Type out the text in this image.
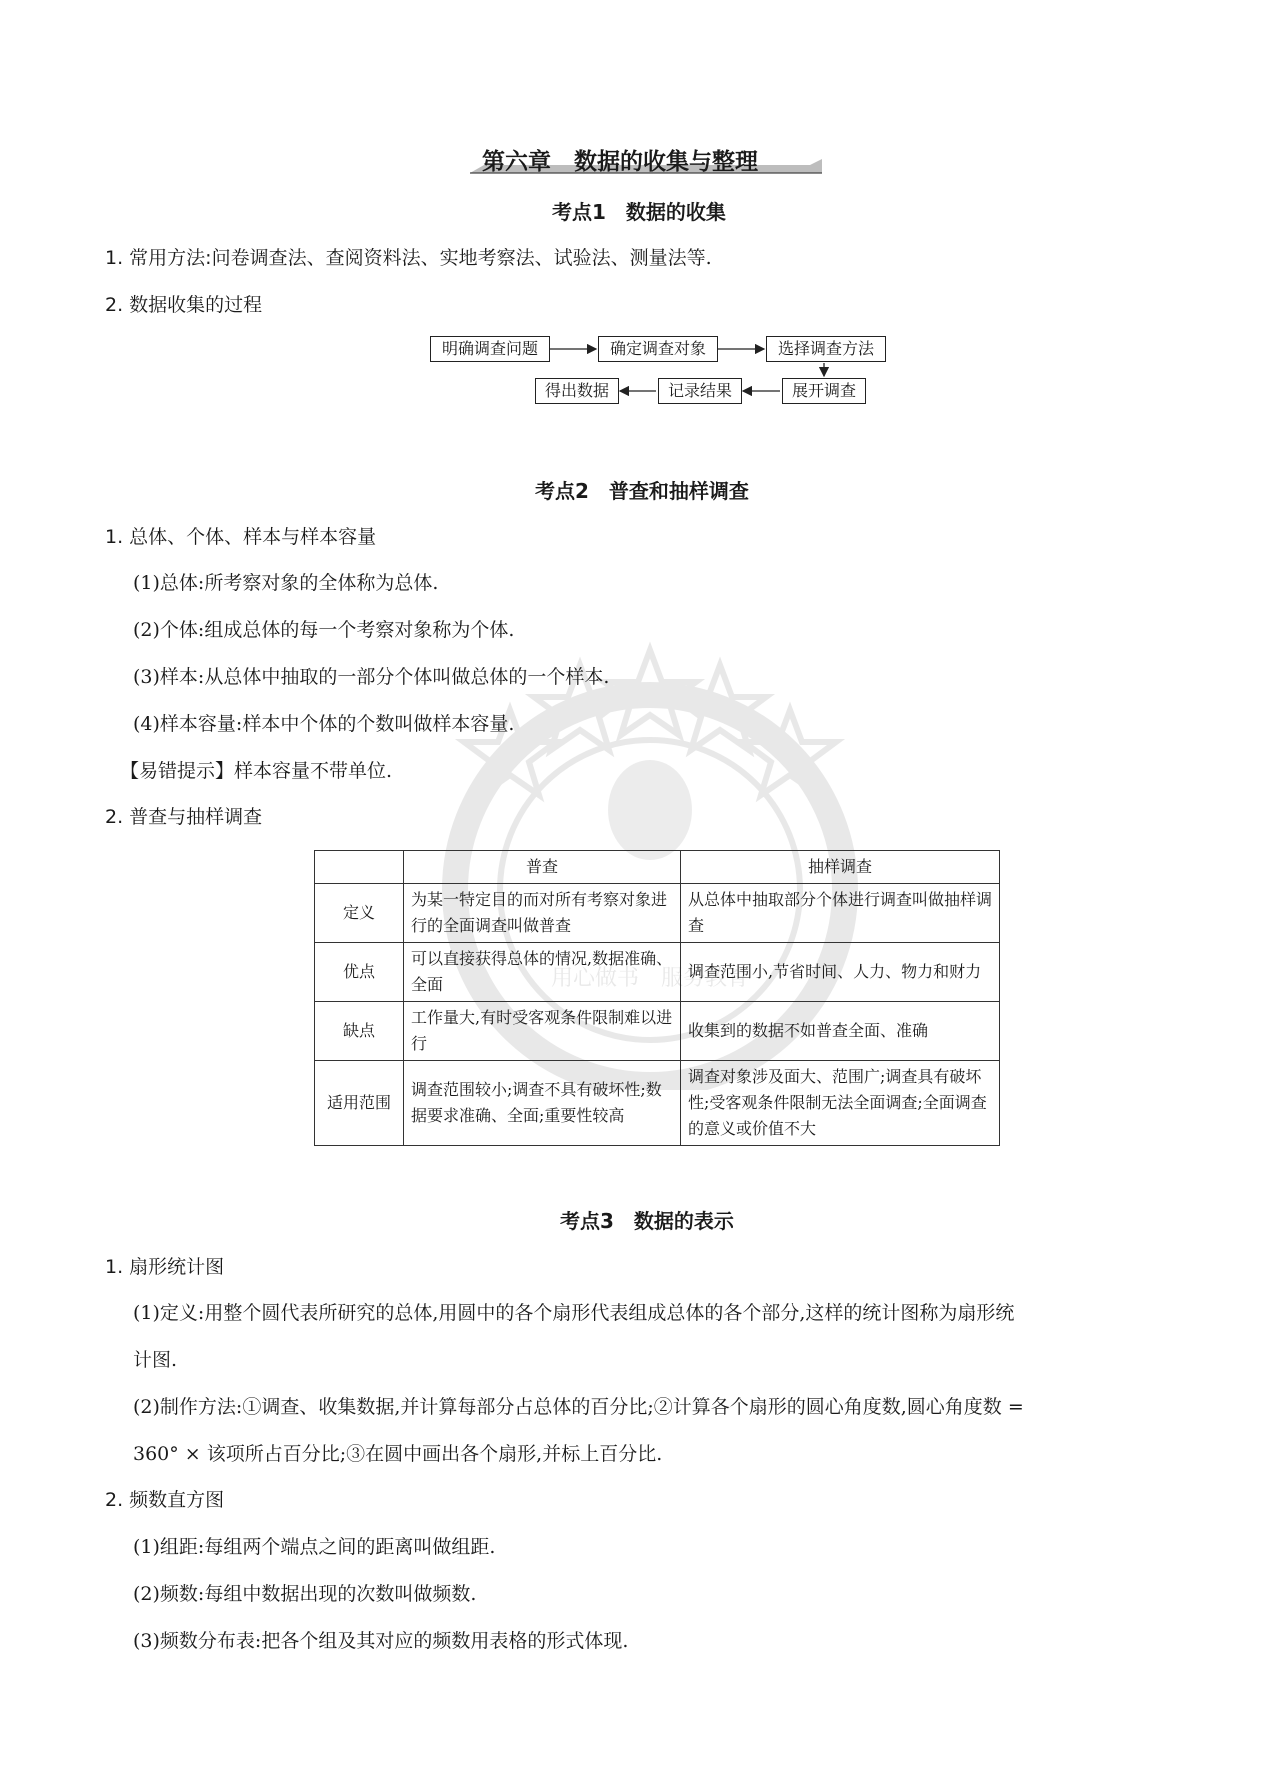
用心做书　服务教育
第六章　数据的收集与整理
考点1　数据的收集
1. 常用方法:问卷调查法、查阅资料法、实地考察法、试验法、测量法等.
2. 数据收集的过程
明确调查问题	确定调查对象	选择调查方法
展开调查
记录结果
得出数据
考点2　普查和抽样调查
1. 总体、个体、样本与样本容量
(1)总体:所考察对象的全体称为总体.
(2)个体:组成总体的每一个考察对象称为个体.
(3)样本:从总体中抽取的一部分个体叫做总体的一个样本.
(4)样本容量:样本中个体的个数叫做样本容量.
【易错提示】样本容量不带单位.
2. 普查与抽样调查
	普查	抽样调查
定义	为某一特定目的而对所有考察对象进行的全面调查叫做普查	从总体中抽取部分个体进行调查叫做抽样调查
优点	可以直接获得总体的情况,数据准确、全面	调查范围小,节省时间、人力、物力和财力
缺点	工作量大,有时受客观条件限制难以进行	收集到的数据不如普查全面、准确
适用范围	调查范围较小;调查不具有破坏性;数据要求准确、全面;重要性较高	调查对象涉及面大、范围广;调查具有破坏性;受客观条件限制无法全面调查;全面调查的意义或价值不大
考点3　数据的表示
1. 扇形统计图
(1)定义:用整个圆代表所研究的总体,用圆中的各个扇形代表组成总体的各个部分,这样的统计图称为扇形统
计图.
(2)制作方法:①调查、收集数据,并计算每部分占总体的百分比;②计算各个扇形的圆心角度数,圆心角度数 =
360° × 该项所占百分比;③在圆中画出各个扇形,并标上百分比.
2. 频数直方图
(1)组距:每组两个端点之间的距离叫做组距.
(2)频数:每组中数据出现的次数叫做频数.
(3)频数分布表:把各个组及其对应的频数用表格的形式体现.
